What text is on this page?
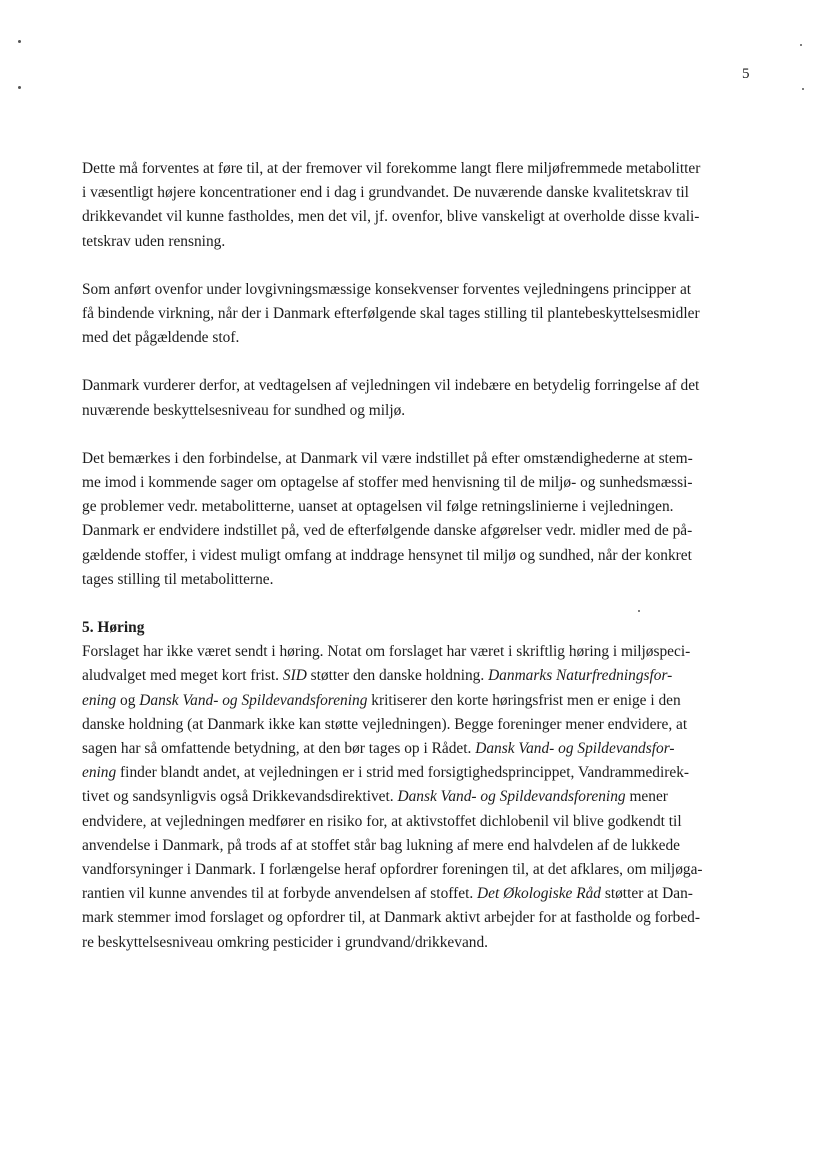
5
Dette må forventes at føre til, at der fremover vil forekomme langt flere miljøfremmede metabolitter
i væsentligt højere koncentrationer end i dag i grundvandet. De nuværende danske kvalitetskrav til
drikkevandet vil kunne fastholdes, men det vil, jf. ovenfor, blive vanskeligt at overholde disse kvali-
tetskrav uden rensning.
Som anført ovenfor under lovgivningsmæssige konsekvenser forventes vejledningens principper at
få bindende virkning, når der i Danmark efterfølgende skal tages stilling til plantebeskyttelsesmidler
med det pågældende stof.
Danmark vurderer derfor, at vedtagelsen af vejledningen vil indebære en betydelig forringelse af det
nuværende beskyttelsesniveau for sundhed og miljø.
Det bemærkes i den forbindelse, at Danmark vil være indstillet på efter omstændighederne at stem-
me imod i kommende sager om optagelse af stoffer med henvisning til de miljø- og sunhedsmæssi-
ge problemer vedr. metabolitterne, uanset at optagelsen vil følge retningslinierne i vejledningen.
Danmark er endvidere indstillet på, ved de efterfølgende danske afgørelser vedr. midler med de på-
gældende stoffer, i videst muligt omfang at inddrage hensynet til miljø og sundhed, når der konkret
tages stilling til metabolitterne.
5. Høring
Forslaget har ikke været sendt i høring. Notat om forslaget har været i skriftlig høring i miljøspeci-
aludvalget med meget kort frist. SID støtter den danske holdning. Danmarks Naturfredningsfor-
ening og Dansk Vand- og Spildevandsforening kritiserer den korte høringsfrist men er enige i den
danske holdning (at Danmark ikke kan støtte vejledningen). Begge foreninger mener endvidere, at
sagen har så omfattende betydning, at den bør tages op i Rådet. Dansk Vand- og Spildevandsfor-
ening finder blandt andet, at vejledningen er i strid med forsigtighedsprincippet, Vandrammedirek-
tivet og sandsynligvis også Drikkevandsdirektivet. Dansk Vand- og Spildevandsforening mener
endvidere, at vejledningen medfører en risiko for, at aktivstoffet dichlobenil vil blive godkendt til
anvendelse i Danmark, på trods af at stoffet står bag lukning af mere end halvdelen af de lukkede
vandforsyninger i Danmark. I forlængelse heraf opfordrer foreningen til, at det afklares, om miljøga-
rantien vil kunne anvendes til at forbyde anvendelsen af stoffet. Det Økologiske Råd støtter at Dan-
mark stemmer imod forslaget og opfordrer til, at Danmark aktivt arbejder for at fastholde og forbed-
re beskyttelsesniveau omkring pesticider i grundvand/drikkevand.
